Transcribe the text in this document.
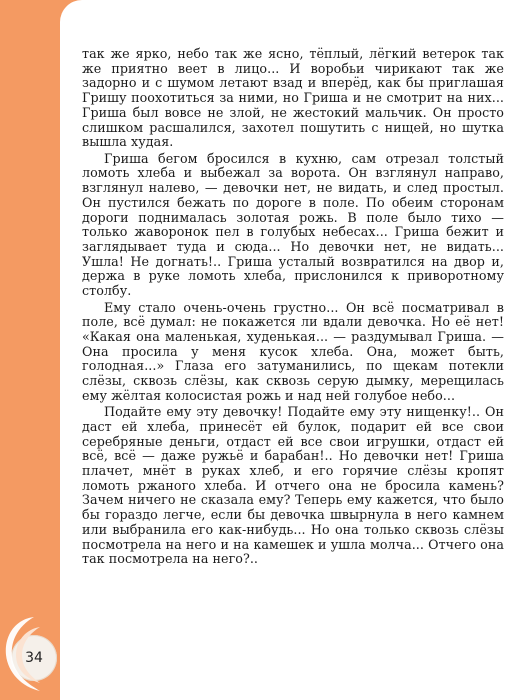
так же ярко, небо так же ясно, тёплый, лёгкий ветерок так же приятно веет в лицо... И воробьи чирикают так же задорно и с шумом летают взад и вперёд, как бы приглашая Гришу поохотиться за ними, но Гриша и не смотрит на них... Гриша был вовсе не злой, не жестокий мальчик. Он просто слишком расшалился, захотел пошутить с нищей, но шутка вышла худая.

Гриша бегом бросился в кухню, сам отрезал толстый ломоть хлеба и выбежал за ворота. Он взглянул направо, взглянул налево, — девочки нет, не видать, и след простыл. Он пустился бежать по дороге в поле. По обеим сторонам дороги поднималась золотая рожь. В поле было тихо — только жаворонок пел в голубых небесах... Гриша бежит и заглядывает туда и сюда... Но девочки нет, не видать... Ушла! Не догнать!.. Гриша усталый возвратился на двор и, держа в руке ломоть хлеба, прислонился к приворотному столбу.

Ему стало очень-очень грустно... Он всё посматривал в поле, всё думал: не покажется ли вдали девочка. Но её нет! «Какая она маленькая, худенькая... — раздумывал Гриша. — Она просила у меня кусок хлеба. Она, может быть, голодная...» Глаза его затуманились, по щекам потекли слёзы, сквозь слёзы, как сквозь серую дымку, мерещилась ему жёлтая колосистая рожь и над ней голубое небо...

Подайте ему эту девочку! Подайте ему эту нищенку!.. Он даст ей хлеба, принесёт ей булок, подарит ей все свои серебряные деньги, отдаст ей все свои игрушки, отдаст ей всё, всё — даже ружьё и барабан!.. Но девочки нет! Гриша плачет, мнёт в руках хлеб, и его горячие слёзы кропят ломоть ржаного хлеба. И отчего она не бросила камень? Зачем ничего не сказала ему? Теперь ему кажется, что было бы гораздо легче, если бы девочка швырнула в него камнем или выбранила его как-нибудь... Но она только сквозь слёзы посмотрела на него и на камешек и ушла молча... Отчего она так посмотрела на него?..

34
